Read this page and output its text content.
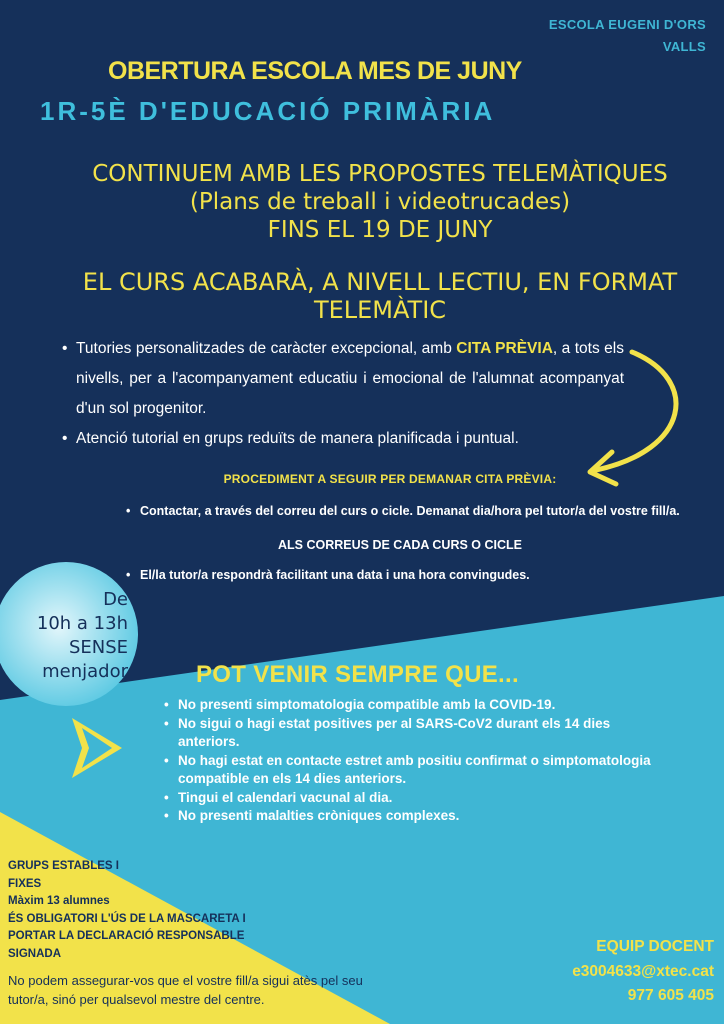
ESCOLA EUGENI D'ORS
VALLS
OBERTURA ESCOLA MES DE JUNY
1R-5È D'EDUCACIÓ PRIMÀRIA
CONTINUEM AMB LES PROPOSTES TELEMÀTIQUES
(Plans de treball i videotrucades)
FINS EL 19 DE JUNY
EL CURS ACABARÀ, A NIVELL LECTIU, EN FORMAT
TELEMÀTIC
• Tutories personalitzades de caràcter excepcional, amb CITA PRÈVIA, a tots els nivells, per a l'acompanyament educatiu i emocional de l'alumnat acompanyat d'un sol progenitor.
• Atenció tutorial en grups reduïts de manera planificada i puntual.
PROCEDIMENT A SEGUIR PER DEMANAR CITA PRÈVIA:
• Contactar, a través del correu del curs o cicle. Demanat dia/hora pel tutor/a del vostre fill/a.
ALS CORREUS DE CADA CURS O CICLE
• El/la tutor/a respondrà facilitant una data i una hora convingudes.
De
10h a 13h
SENSE
menjador	POT VENIR SEMPRE QUE...
• No presenti simptomatologia compatible amb la COVID-19.
• No sigui o hagi estat positives per al SARS-CoV2 durant els 14 dies anteriors.
• No hagi estat en contacte estret amb positiu confirmat o simptomatologia compatible en els 14 dies anteriors.
• Tingui el calendari vacunal al dia.
• No presenti malalties cròniques complexes.
GRUPS ESTABLES I
FIXES
Màxim 13 alumnes
ÉS OBLIGATORI L'ÚS DE LA MASCARETA I
PORTAR LA DECLARACIÓ RESPONSABLE
SIGNADA
No podem assegurar-vos que el vostre fill/a sigui atès pel seu tutor/a, sinó per qualsevol mestre del centre.
EQUIP DOCENT
e3004633@xtec.cat
977 605 405
